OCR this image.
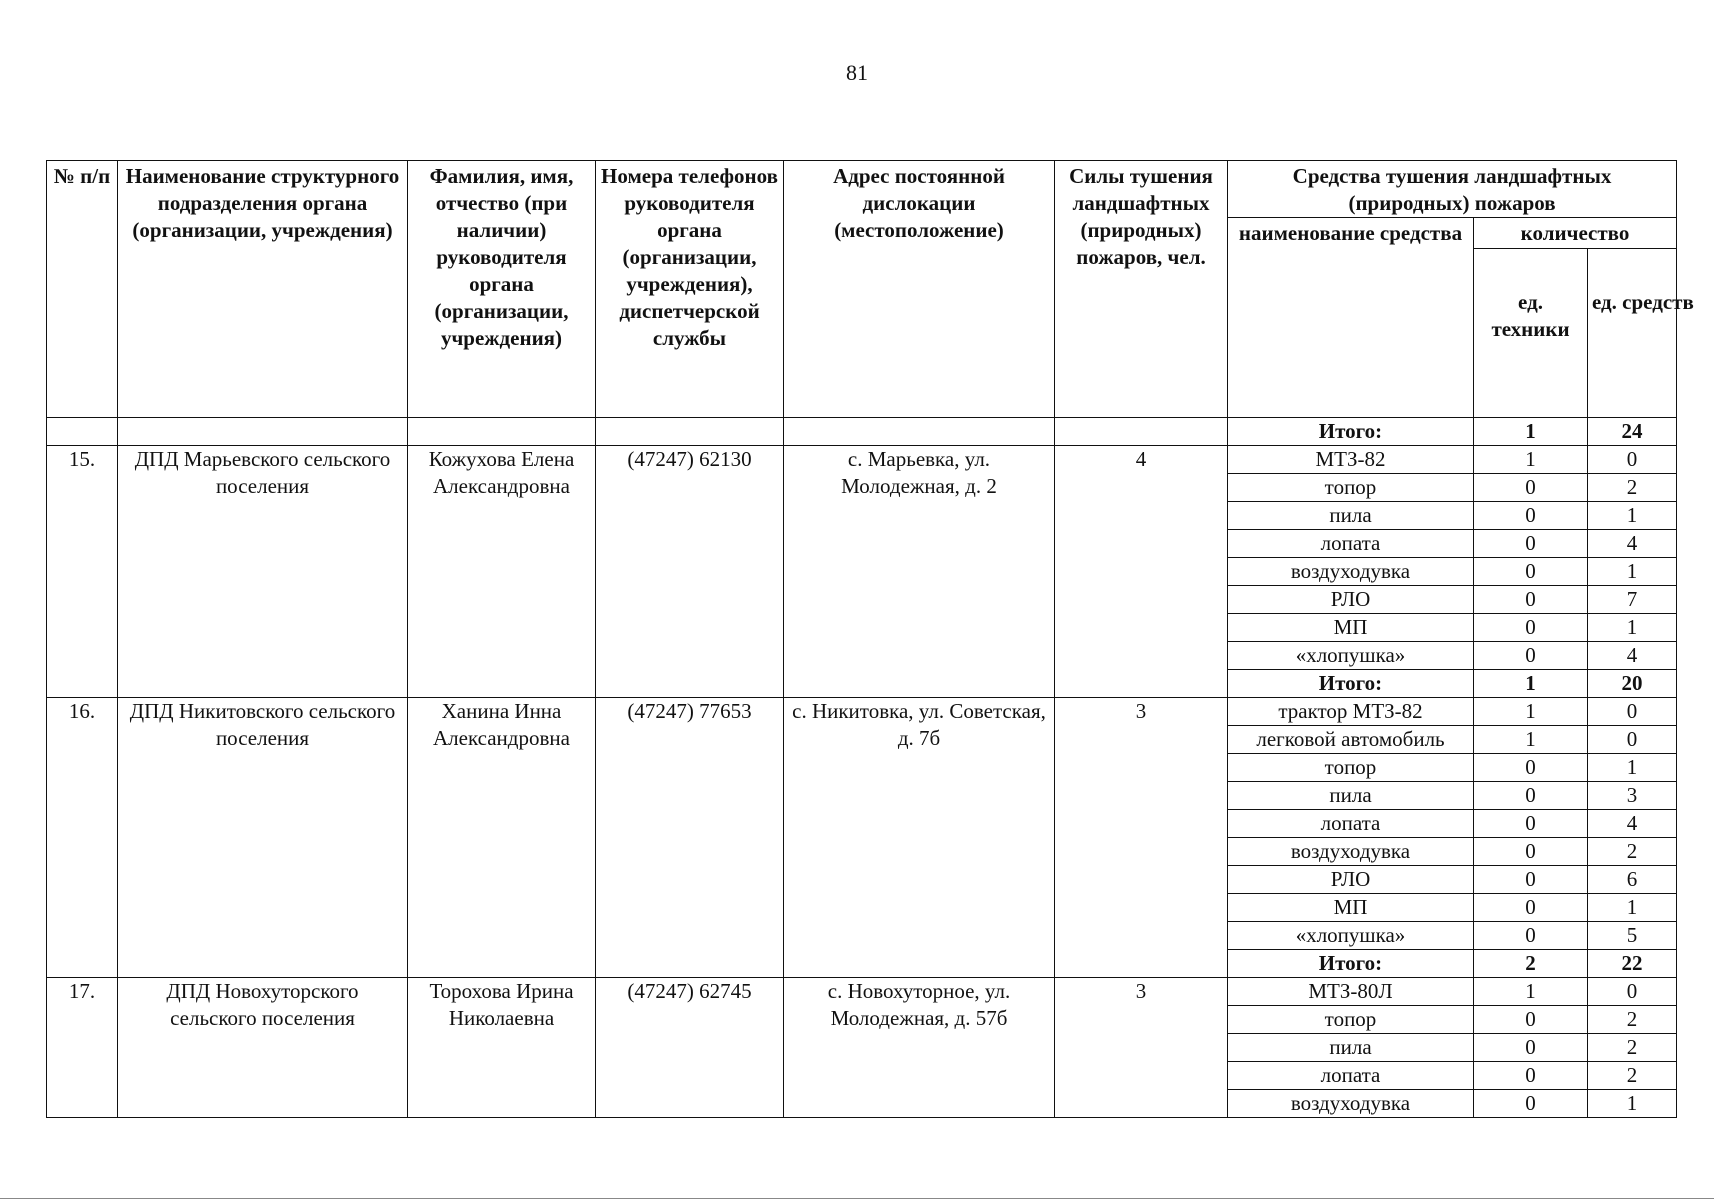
81
№ п/п	Наименование структурного подразделения органа (организации, учреждения)	Фамилия, имя, отчество (при наличии) руководителя органа (организации, учреждения)	Номера телефонов руководителя органа (организации, учреждения), диспетчерской службы	Адрес постоянной дислокации (местоположение)	Силы тушения ландшафтных (природных) пожаров, чел.	Средства тушения ландшафтных (природных) пожаров		
						наименование средства	количество	
							ед. техники	ед. средств
						Итого:	1	24
15.	ДПД Марьевского сельского поселения	Кожухова Елена Александровна	(47247) 62130	с. Марьевка, ул. Молодежная, д. 2	4	МТЗ-82	1	0
						топор	0	2
						пила	0	1
						лопата	0	4
						воздуходувка	0	1
						РЛО	0	7
						МП	0	1
						«хлопушка»	0	4
						Итого:	1	20
16.	ДПД Никитовского сельского поселения	Ханина Инна Александровна	(47247) 77653	с. Никитовка, ул. Советская, д. 7б	3	трактор МТЗ-82	1	0
						легковой автомобиль	1	0
						топор	0	1
						пила	0	3
						лопата	0	4
						воздуходувка	0	2
						РЛО	0	6
						МП	0	1
						«хлопушка»	0	5
						Итого:	2	22
17.	ДПД Новохуторского сельского поселения	Торохова Ирина Николаевна	(47247) 62745	с. Новохуторное, ул. Молодежная, д. 57б	3	МТЗ-80Л	1	0
						топор	0	2
						пила	0	2
						лопата	0	2
						воздуходувка	0	1
